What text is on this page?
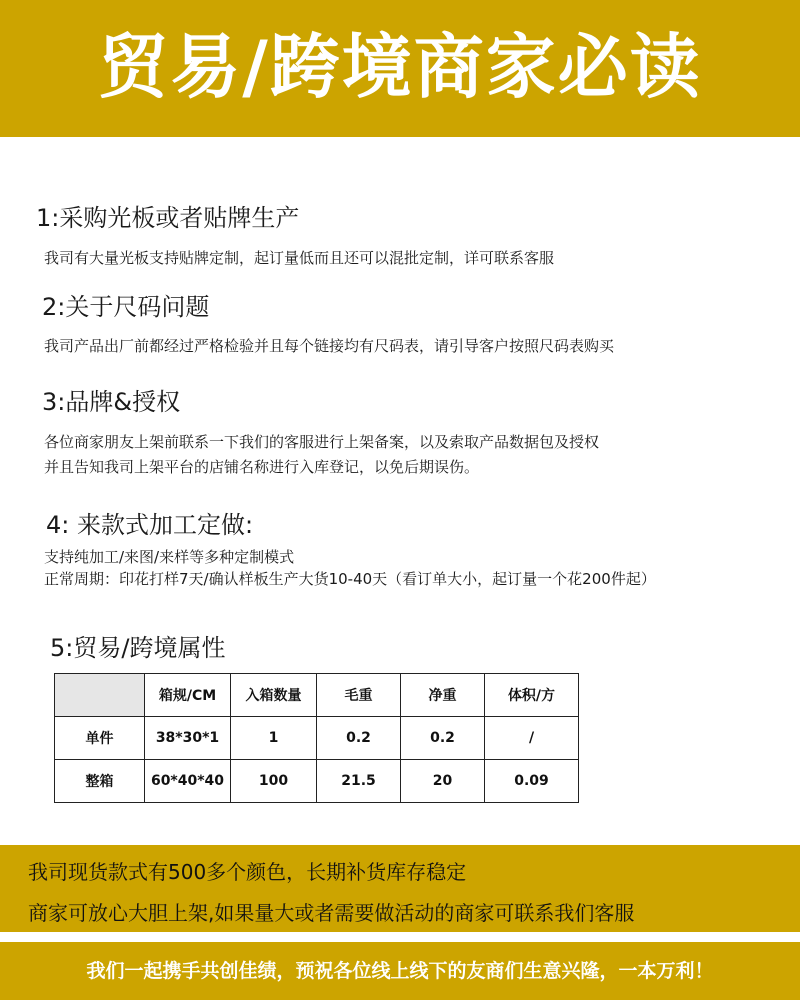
贸易/跨境商家必读
1:采购光板或者贴牌生产
我司有大量光板支持贴牌定制，起订量低而且还可以混批定制，详可联系客服
2:关于尺码问题
我司产品出厂前都经过严格检验并且每个链接均有尺码表，请引导客户按照尺码表购买
3:品牌&授权
各位商家朋友上架前联系一下我们的客服进行上架备案，以及索取产品数据包及授权
并且告知我司上架平台的店铺名称进行入库登记，以免后期误伤。
4: 来款式加工定做:
支持纯加工/来图/来样等多种定制模式
正常周期：印花打样7天/确认样板生产大货10-40天（看订单大小，起订量一个花200件起）
5:贸易/跨境属性
	箱规/CM	入箱数量	毛重	净重	体积/方
单件	38*30*1	1	0.2	0.2	/
整箱	60*40*40	100	21.5	20	0.09
我司现货款式有500多个颜色，长期补货库存稳定
商家可放心大胆上架,如果量大或者需要做活动的商家可联系我们客服
我们一起携手共创佳绩，预祝各位线上线下的友商们生意兴隆，一本万利！
